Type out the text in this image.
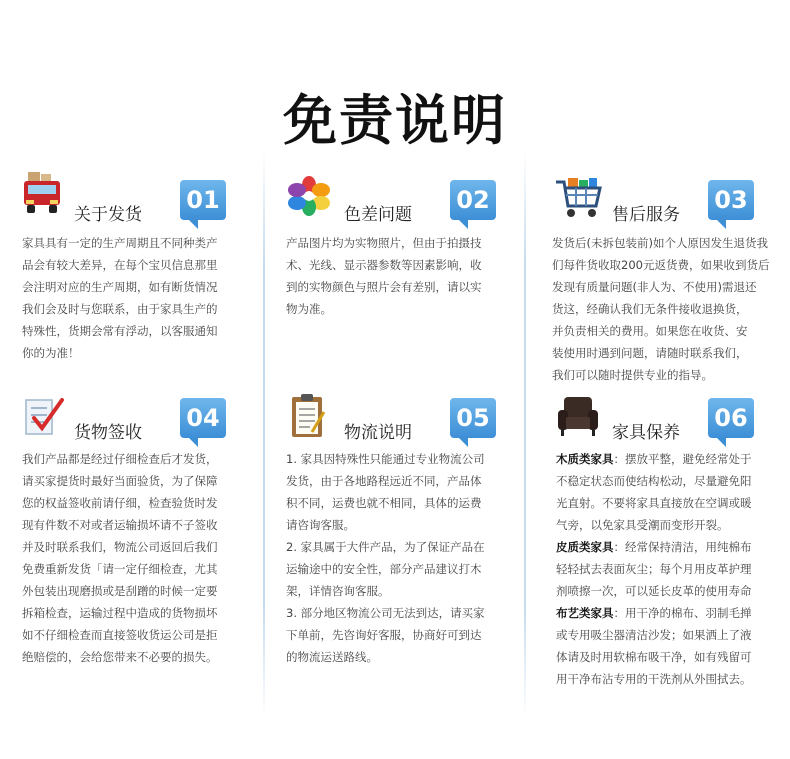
免责说明
关于发货
01

家具具有一定的生产周期且不同种类产

品会有较大差异，在每个宝贝信息那里

会注明对应的生产周期，如有断货情况

我们会及时与您联系，由于家具生产的

特殊性，货期会常有浮动，以客服通知

你的为准！

色差问题
02

产品图片均为实物照片，但由于拍摄技

术、光线、显示器参数等因素影响，收

到的实物颜色与照片会有差别，请以实

物为准。

售后服务
03

发货后(未拆包装前)如个人原因发生退货我

们每件货收取200元返货费，如果收到货后

发现有质量问题(非人为、不使用)需退还

货这，经确认我们无条件接收退换货，

并负责相关的费用。如果您在收货、安

装使用时遇到问题，请随时联系我们，

我们可以随时提供专业的指导。

货物签收
04

我们产品都是经过仔细检查后才发货，

请买家提货时最好当面验货，为了保障

您的权益签收前请仔细，检查验货时发

现有件数不对或者运输损坏请不子签收

并及时联系我们，物流公司返回后我们

免费重新发货「请一定仔细检查，尤其

外包装出现磨损或是刮蹭的时候一定要

拆箱检查，运输过程中造成的货物损坏

如不仔细检查而直接签收货运公司是拒

绝赔偿的，会给您带来不必要的损失。

物流说明
05

1. 家具因特殊性只能通过专业物流公司

发货，由于各地路程远近不同，产品体

积不同，运费也就不相同，具体的运费

请咨询客服。

2. 家具属于大件产品，为了保证产品在

运输途中的安全性，部分产品建议打木

架，详情咨询客服。

3. 部分地区物流公司无法到达，请买家

下单前，先咨询好客服，协商好可到达

的物流运送路线。

家具保养
06

木质类家具：摆放平整，避免经常处于

不稳定状态而使结构松动，尽量避免阳

光直射。不要将家具直接放在空调或暖

气旁，以免家具受潮而变形开裂。

皮质类家具：经常保持清洁，用纯棉布

轻轻拭去表面灰尘；每个月用皮革护理

剂喷擦一次，可以延长皮革的使用寿命

布艺类家具：用干净的棉布、羽制毛掸

或专用吸尘器清洁沙发；如果洒上了液

体请及时用软棉布吸干净，如有残留可

用干净布沾专用的干洗剂从外围拭去。
